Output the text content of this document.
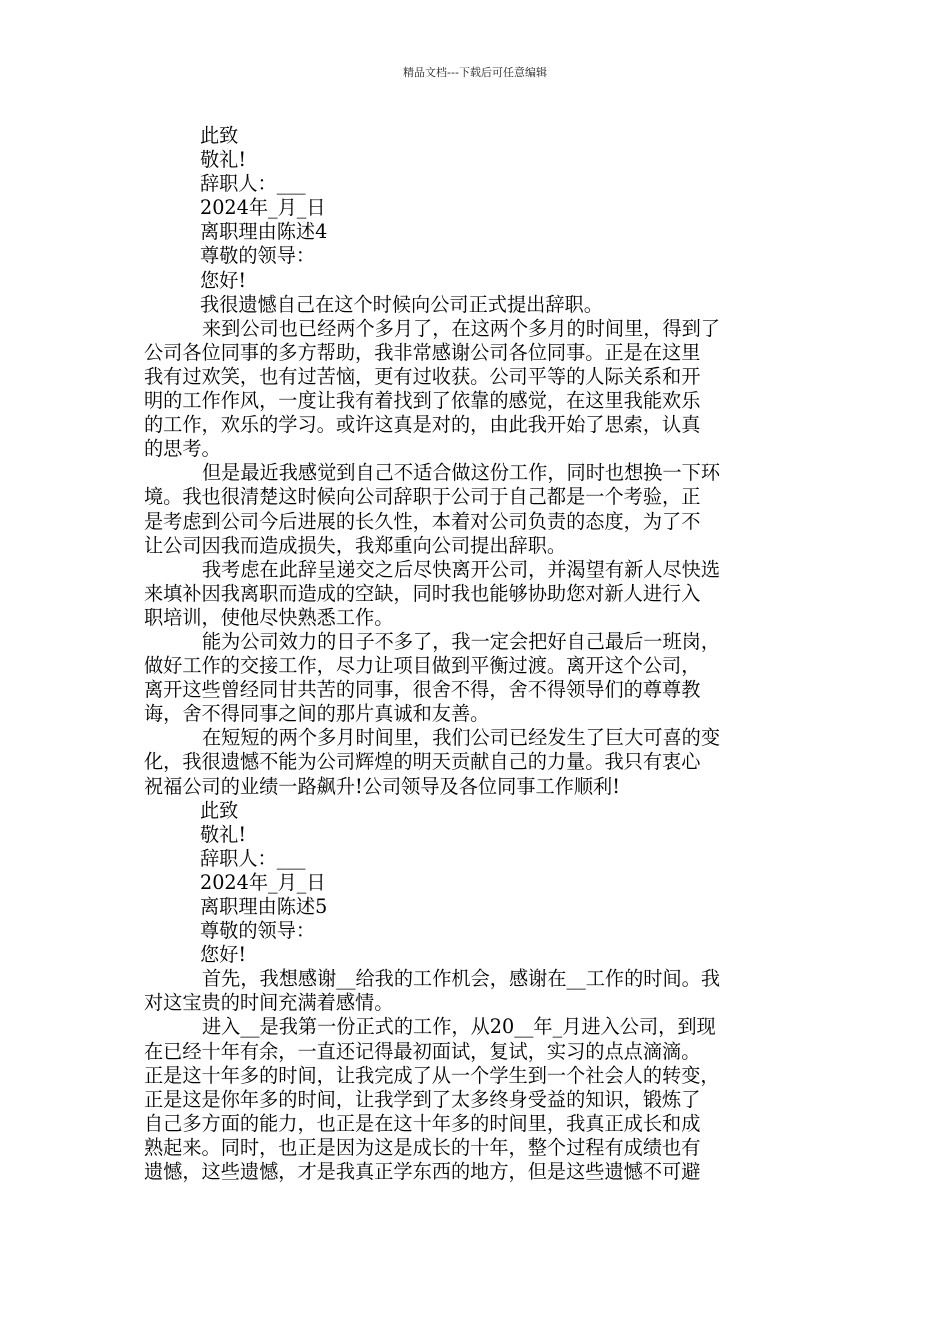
精品文档---下载后可任意编辑
此致
敬礼!
辞职人：___
2024年_月_日
离职理由陈述4
尊敬的领导：
您好!
我很遗憾自己在这个时候向公司正式提出辞职。
来到公司也已经两个多月了，在这两个多月的时间里，得到了
公司各位同事的多方帮助，我非常感谢公司各位同事。正是在这里
我有过欢笑，也有过苦恼，更有过收获。公司平等的人际关系和开
明的工作作风，一度让我有着找到了依靠的感觉，在这里我能欢乐
的工作，欢乐的学习。或许这真是对的，由此我开始了思索，认真
的思考。
但是最近我感觉到自己不适合做这份工作，同时也想换一下环
境。我也很清楚这时候向公司辞职于公司于自己都是一个考验，正
是考虑到公司今后进展的长久性，本着对公司负责的态度，为了不
让公司因我而造成损失，我郑重向公司提出辞职。
我考虑在此辞呈递交之后尽快离开公司，并渴望有新人尽快选
来填补因我离职而造成的空缺，同时我也能够协助您对新人进行入
职培训，使他尽快熟悉工作。
能为公司效力的日子不多了，我一定会把好自己最后一班岗，
做好工作的交接工作，尽力让项目做到平衡过渡。离开这个公司，
离开这些曾经同甘共苦的同事，很舍不得，舍不得领导们的尊尊教
诲，舍不得同事之间的那片真诚和友善。
在短短的两个多月时间里，我们公司已经发生了巨大可喜的变
化，我很遗憾不能为公司辉煌的明天贡献自己的力量。我只有衷心
祝福公司的业绩一路飙升!公司领导及各位同事工作顺利!
此致
敬礼!
辞职人：___
2024年_月_日
离职理由陈述5
尊敬的领导：
您好!
首先，我想感谢__给我的工作机会，感谢在__工作的时间。我
对这宝贵的时间充满着感情。
进入__是我第一份正式的工作，从20__年_月进入公司，到现
在已经十年有余，一直还记得最初面试，复试，实习的点点滴滴。
正是这十年多的时间，让我完成了从一个学生到一个社会人的转变，
正是这是你年多的时间，让我学到了太多终身受益的知识，锻炼了
自己多方面的能力，也正是在这十年多的时间里，我真正成长和成
熟起来。同时，也正是因为这是成长的十年，整个过程有成绩也有
遗憾，这些遗憾，才是我真正学东西的地方，但是这些遗憾不可避
